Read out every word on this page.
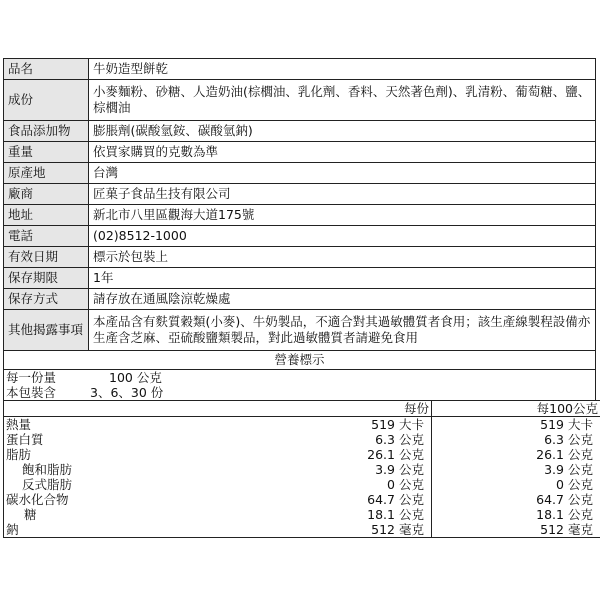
品名	牛奶造型餅乾
成份	小麥麵粉、砂糖、人造奶油(棕櫚油、乳化劑、香料、天然著色劑)、乳清粉、葡萄糖、鹽、棕櫚油
食品添加物	膨脹劑(碳酸氫銨、碳酸氫鈉)
重量	依買家購買的克數為準
原產地	台灣
廠商	匠菓子食品生技有限公司
地址	新北市八里區觀海大道175號
電話	(02)8512-1000
有效日期	標示於包裝上
保存期限	1年
保存方式	請存放在通風陰涼乾燥處
其他揭露事項	本產品含有麩質穀類(小麥)、牛奶製品，不適合對其過敏體質者食用；該生產線製程設備亦生產含芝麻、亞硫酸鹽類製品，對此過敏體質者請避免食用
營養標示
每一份量	100 公克
本包裝含	3、6、30 份
	每份	每100公克
熱量	519 大卡	519 大卡
蛋白質	6.3 公克	6.3 公克
脂肪	26.1 公克	26.1 公克
飽和脂肪	3.9 公克	3.9 公克
反式脂肪	0 公克	0 公克
碳水化合物	64.7 公克	64.7 公克
糖	18.1 公克	18.1 公克
鈉	512 毫克	512 毫克
